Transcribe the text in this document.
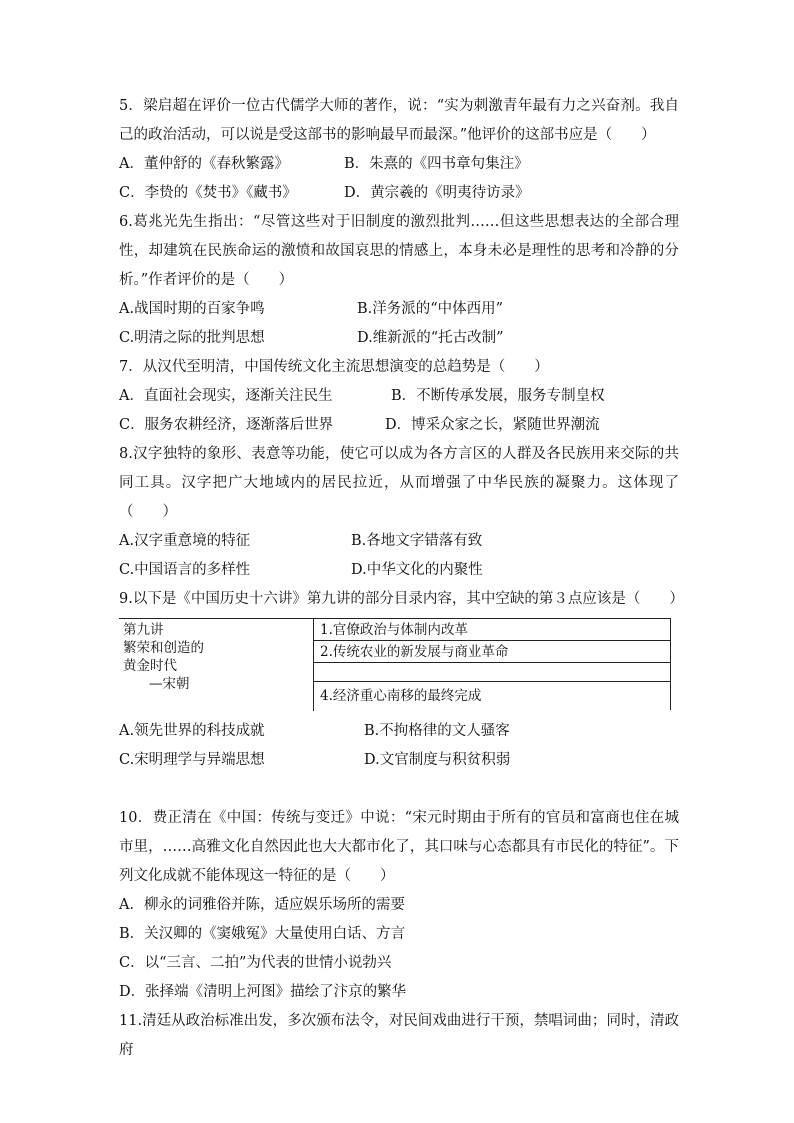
5．梁启超在评价一位古代儒学大师的著作，说：“实为刺激青年最有力之兴奋剂。我自己的政治活动，可以说是受这部书的影响最早而最深。”他评价的这部书应是（　　）

A．董仲舒的《春秋繁露》	B．朱熹的《四书章句集注》
C．李贽的《焚书》《藏书》	D．黄宗羲的《明夷待访录》

6.葛兆光先生指出：“尽管这些对于旧制度的激烈批判……但这些思想表达的全部合理性，却建筑在民族命运的激愤和故国哀思的情感上，本身未必是理性的思考和冷静的分析。”作者评价的是（　　）

A.战国时期的百家争鸣	B.洋务派的“中体西用”
C.明清之际的批判思想	D.维新派的“托古改制”

7．从汉代至明清，中国传统文化主流思想演变的总趋势是（　　）

A．直面社会现实，逐渐关注民生	B．不断传承发展，服务专制皇权
C．服务农耕经济，逐渐落后世界	D．博采众家之长，紧随世界潮流

8.汉字独特的象形、表意等功能，使它可以成为各方言区的人群及各民族用来交际的共同工具。汉字把广大地域内的居民拉近，从而增强了中华民族的凝聚力。这体现了（　　）

A.汉字重意境的特征	B.各地文字错落有致
C.中国语言的多样性	D.中华文化的内聚性

9.以下是《中国历史十六讲》第九讲的部分目录内容，其中空缺的第３点应该是（　　）

第九讲
繁荣和创造的
黄金时代
—宋朝
1.官僚政治与体制内改革
2.传统农业的新发展与商业革命
4.经济重心南移的最终完成
A.领先世界的科技成就	B.不拘格律的文人骚客
C.宋明理学与异端思想	D.文官制度与积贫积弱

10．费正清在《中国：传统与变迁》中说：“宋元时期由于所有的官员和富商也住在城市里，……高雅文化自然因此也大大都市化了，其口味与心态都具有市民化的特征”。下列文化成就不能体现这一特征的是（　　）

A．柳永的词雅俗并陈，适应娱乐场所的需要
B．关汉卿的《窦娥冤》大量使用白话、方言
C．以“三言、二拍”为代表的世情小说勃兴
D．张择端《清明上河图》描绘了汴京的繁华

11.清廷从政治标准出发，多次颁布法令，对民间戏曲进行干预，禁唱词曲；同时，清政府
